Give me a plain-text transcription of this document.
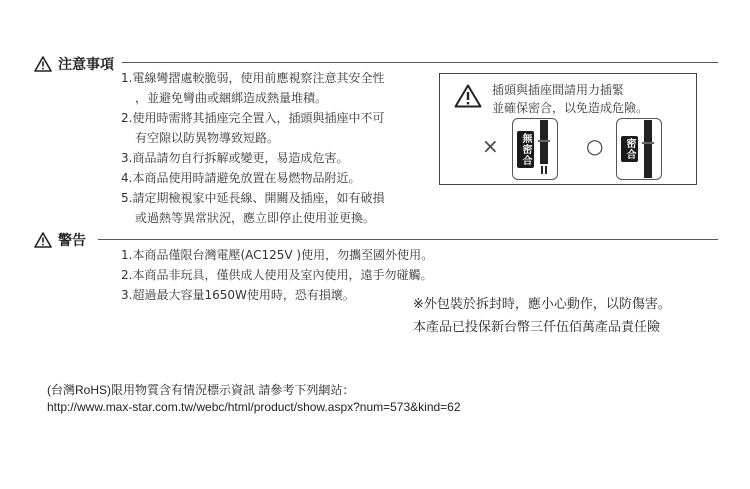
注意事項
1.電線彎摺處較脆弱，使用前應視察注意其安全性
，並避免彎曲或綑綁造成熱量堆積。
2.使用時需將其插座完全置入，插頭與插座中不可
有空隙以防異物導致短路。
3.商品請勿自行拆解或變更，易造成危害。
4.本商品使用時請避免放置在易燃物品附近。
5.請定期檢視家中延長線、開關及插座，如有破損
或過熱等異常狀況，應立即停止使用並更換。
插頭與插座間請用力插緊
並確保密合，以免造成危險。
×	無密合	○	密合
警告
1.本商品僅限台灣電壓(AC125V )使用，勿攜至國外使用。
2.本商品非玩具，僅供成人使用及室內使用，遠手勿碰觸。
3.超過最大容量1650W使用時，恐有損壞。
※外包裝於拆封時，應小心動作，以防傷害。
本產品已投保新台幣三仟伍佰萬產品責任險
(台灣RoHS)限用物質含有情況標示資訊 請參考下列網站：
http://www.max-star.com.tw/webc/html/product/show.aspx?num=573&kind=62
